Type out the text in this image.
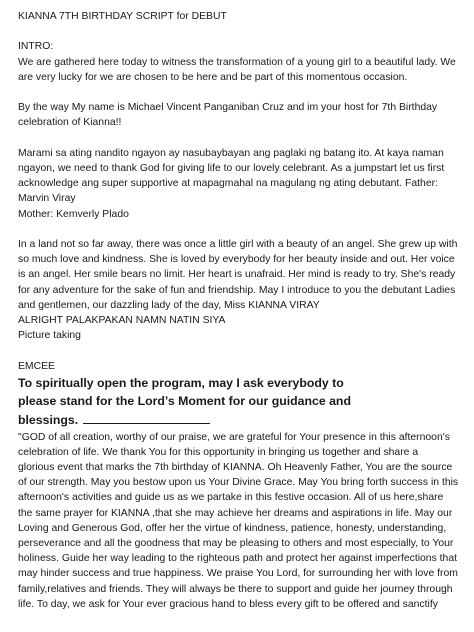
KIANNA 7TH BIRTHDAY SCRIPT for DEBUT

INTRO:

We are gathered here today to witness the transformation of a young girl to a beautiful lady. We
are very lucky for we are chosen to be here and be part of this momentous occasion.

By the way My name is Michael Vincent Panganiban Cruz and im your host for 7th Birthday
celebration of Kianna!!

Marami sa ating nandito ngayon ay nasubaybayan ang paglaki ng batang ito. At kaya naman
ngayon, we need to thank God for giving life to our lovely celebrant. As a jumpstart let us first
acknowledge ang super supportive at mapagmahal na magulang ng ating debutant. Father:
Marvin Viray
Mother: Kemverly Plado

In a land not so far away, there was once a little girl with a beauty of an angel. She grew up with
so much love and kindness. She is loved by everybody for her beauty inside and out. Her voice
is an angel. Her smile bears no limit. Her heart is unafraid. Her mind is ready to try. She's ready
for any adventure for the sake of fun and friendship. May I introduce to you the debutant Ladies
and gentlemen, our dazzling lady of the day, Miss KIANNA VIRAY
ALRIGHT PALAKPAKAN NAMN NATIN SIYA
Picture taking

EMCEE

To spiritually open the program, may I ask everybody to
please stand for the Lord’s Moment for our guidance and
blessings.

"GOD of all creation, worthy of our praise, we are grateful for Your presence in this afternoon's
celebration of life. We thank You for this opportunity in bringing us together and share a
glorious event that marks the 7th birthday of KIANNA. Oh Heavenly Father, You are the source
of our strength. May you bestow upon us Your Divine Grace. May You bring forth success in this
afternoon's activities and guide us as we partake in this festive occasion. All of us here,share
the same prayer for KIANNA ,that she may achieve her dreams and aspirations in life. May our
Loving and Generous God, offer her the virtue of kindness, patience, honesty, understanding,
perseverance and all the goodness that may be pleasing to others and most especially, to Your
holiness. Guide her way leading to the righteous path and protect her against imperfections that
may hinder success and true happiness. We praise You Lord, for surrounding her with love from
family,relatives and friends. They will always be there to support and guide her journey through
life. To day, we ask for Your ever gracious hand to bless every gift to be offered and sanctify
